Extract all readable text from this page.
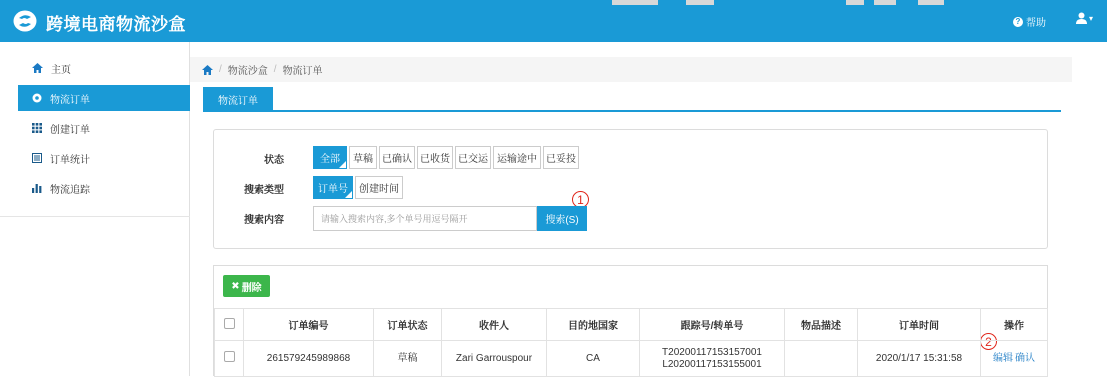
跨境电商物流沙盒	? 帮助	▾
主页
物流订单
创建订单
订单统计
物流追踪
/ 物流沙盒 / 物流订单
物流订单
状态	全部	草稿 已确认 已收货 已交运 运输途中 已妥投
搜索类型	订单号	创建时间
1
搜索内容
请输入搜索内容,多个单号用逗号隔开	搜索(S)
✖ 删除
2
	订单编号	订单状态	收件人	目的地国家	跟踪号/转单号	物品描述	订单时间	操作
	261579245989868	草稿	Zari Garrouspour	CA	T20200117153157001
L20200117153155001		2020/1/17 15:31:58	编辑 确认
